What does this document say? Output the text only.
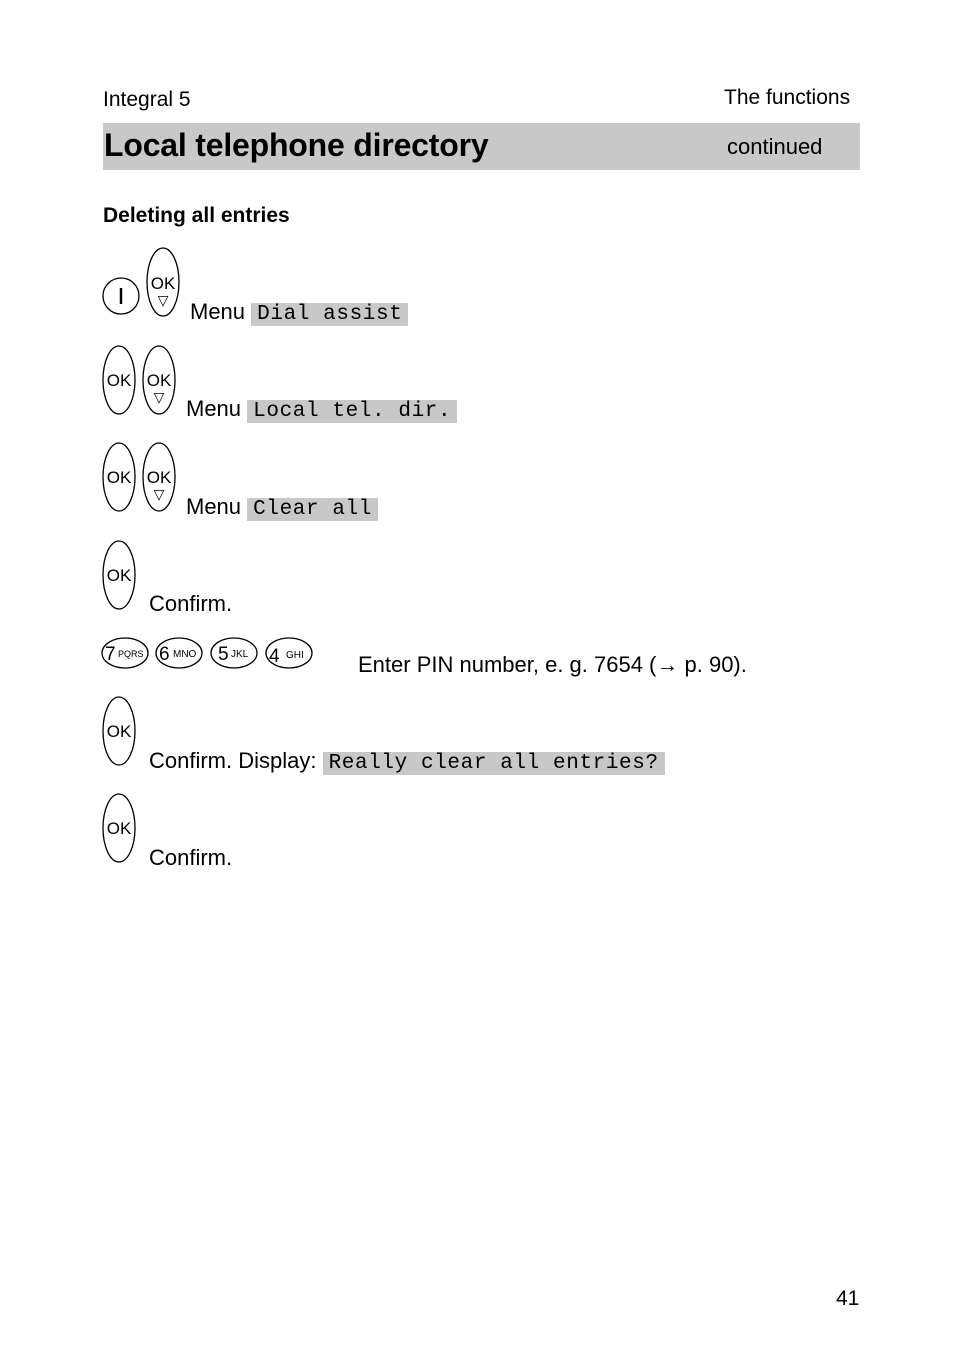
Integral 5	The functions
Local telephone directory	continued
Deleting all entries
OK
▽ Menu Dial assist
OK OK
▽ Menu Local tel. dir.
OK OK
▽ Menu Clear all
OK
Confirm.
7 PQRS 6 MNO 5 JKL 4 GHI Enter PIN number, e. g. 7654 (→ p. 90).
OK
Confirm. Display: Really clear all entries?
OK
Confirm.
41
